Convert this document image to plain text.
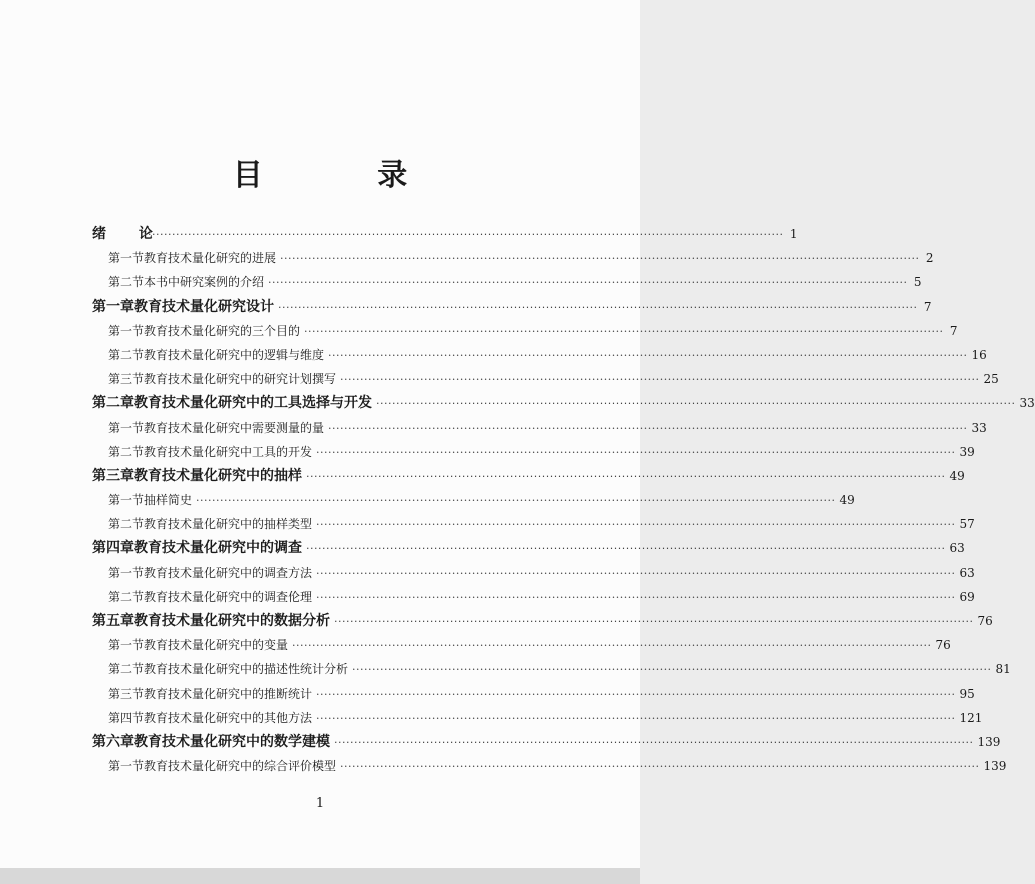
目 录
绪 论
································································································································································ 1
第一节 教育技术量化研究的进展 ································································································································································ 2
第二节 本书中研究案例的介绍 ································································································································································ 5
第一章 教育技术量化研究设计 ································································································································································ 7
第一节 教育技术量化研究的三个目的 ································································································································································ 7
第二节 教育技术量化研究中的逻辑与维度 ································································································································································ 16
第三节 教育技术量化研究中的研究计划撰写 ································································································································································ 25
第二章 教育技术量化研究中的工具选择与开发 ································································································································································ 33
第一节 教育技术量化研究中需要测量的量 ································································································································································ 33
第二节 教育技术量化研究中工具的开发 ································································································································································ 39
第三章 教育技术量化研究中的抽样 ································································································································································ 49
第一节 抽样简史 ································································································································································ 49
第二节 教育技术量化研究中的抽样类型 ································································································································································ 57
第四章 教育技术量化研究中的调查 ································································································································································ 63
第一节 教育技术量化研究中的调查方法 ································································································································································ 63
第二节 教育技术量化研究中的调查伦理 ································································································································································ 69
第五章 教育技术量化研究中的数据分析 ································································································································································ 76
第一节 教育技术量化研究中的变量 ································································································································································ 76
第二节 教育技术量化研究中的描述性统计分析 ································································································································································ 81
第三节 教育技术量化研究中的推断统计 ································································································································································ 95
第四节 教育技术量化研究中的其他方法 ································································································································································ 121
第六章 教育技术量化研究中的数学建模 ································································································································································ 139
第一节 教育技术量化研究中的综合评价模型 ································································································································································ 139
1
